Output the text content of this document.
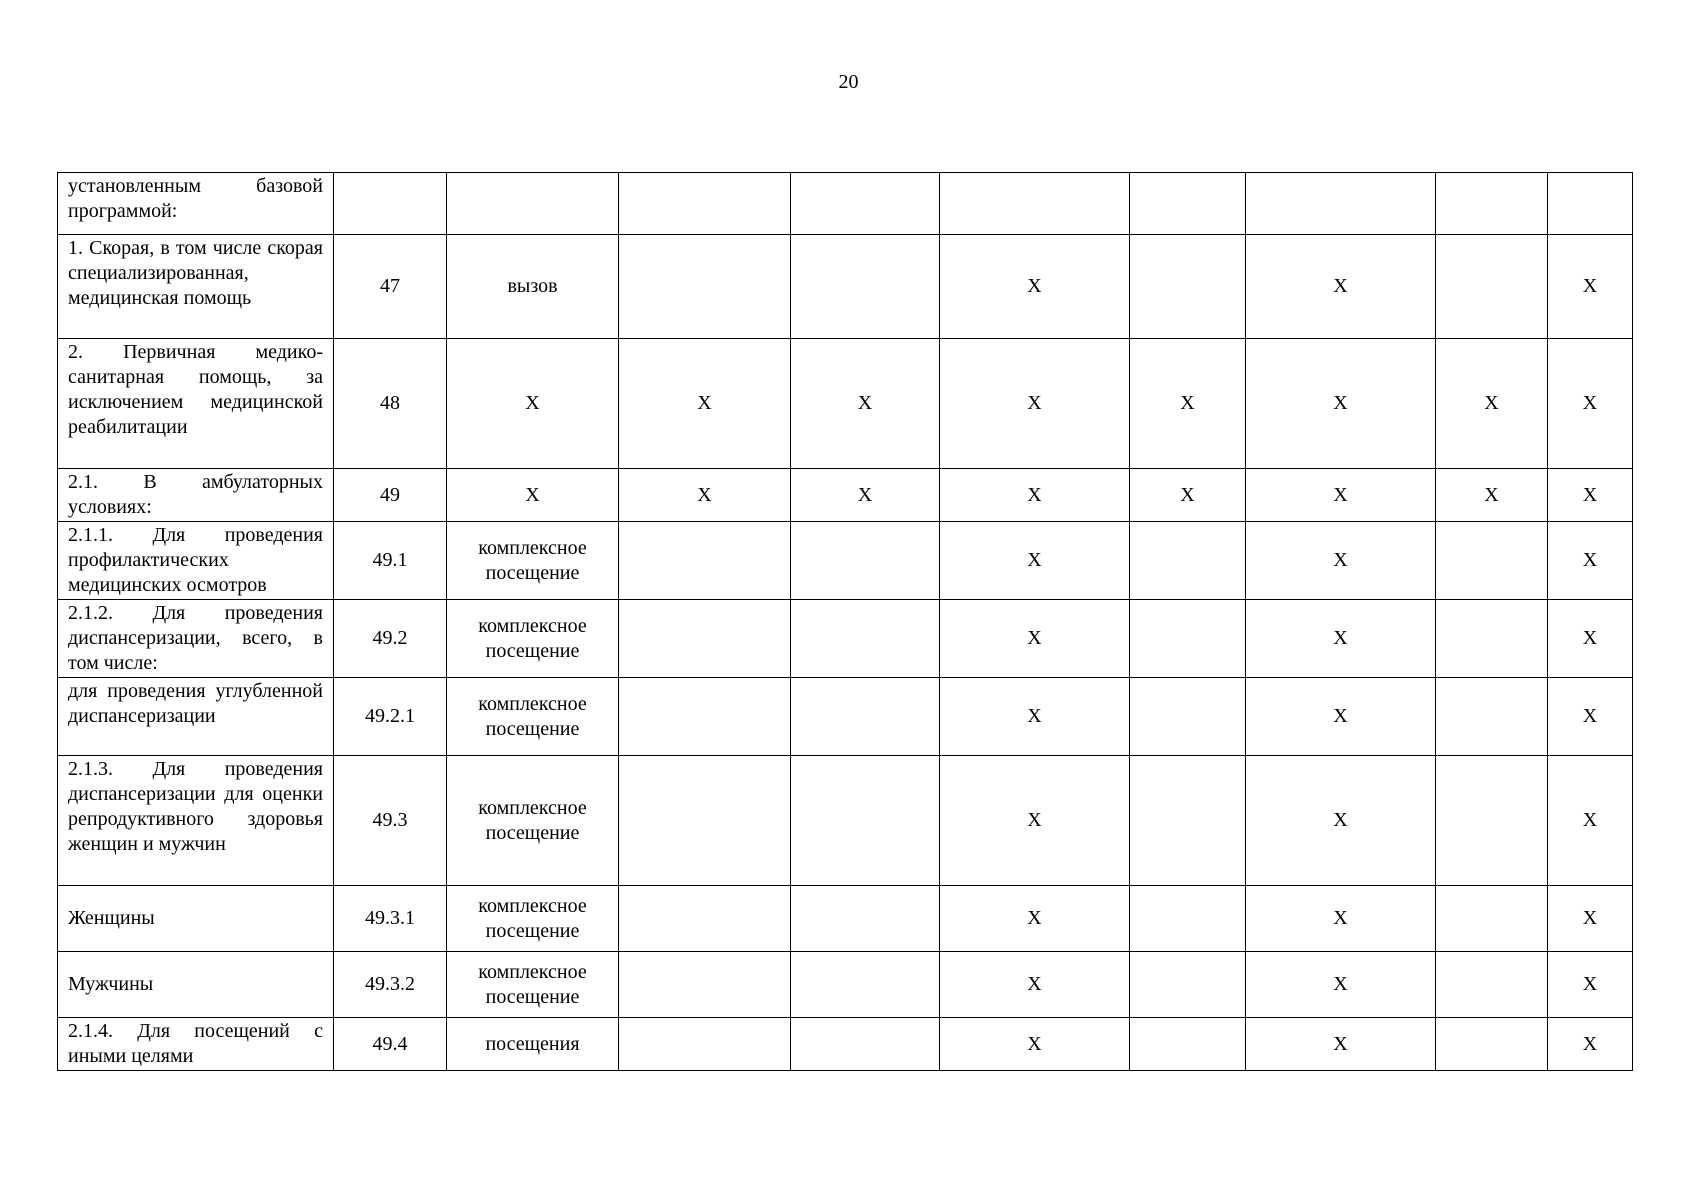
20
установленным базовой программой:									
1. Скорая, в том числе скорая специализированная, медицинская помощь	47	вызов			X		X		X
2. Первичная медико-санитарная помощь, за исключением медицинской реабилитации	48	X	X	X	X	X	X	X	X
2.1. В амбулаторных условиях:	49	X	X	X	X	X	X	X	X
2.1.1. Для проведения профилактических медицинских осмотров	49.1	комплексное посещение			X		X		X
2.1.2. Для проведения диспансеризации, всего, в том числе:	49.2	комплексное посещение			X		X		X
для проведения углубленной диспансеризации	49.2.1	комплексное посещение			X		X		X
2.1.3. Для проведения диспансеризации для оценки репродуктивного здоровья женщин и мужчин	49.3	комплексное посещение			X		X		X
Женщины	49.3.1	комплексное посещение			X		X		X
Мужчины	49.3.2	комплексное посещение			X		X		X
2.1.4. Для посещений с иными целями	49.4	посещения			X		X		X
